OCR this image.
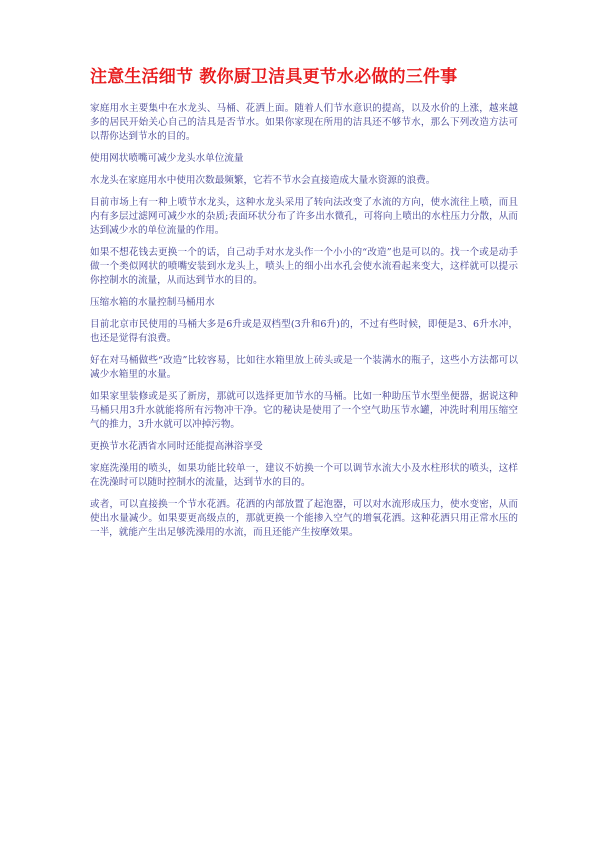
注意生活细节 教你厨卫洁具更节水必做的三件事

家庭用水主要集中在水龙头、马桶、花洒上面。随着人们节水意识的提高，以及水价的上涨，越来越多的居民开始关心自己的洁具是否节水。如果你家现在所用的洁具还不够节水，那么下列改造方法可以帮你达到节水的目的。

使用网状喷嘴可减少龙头水单位流量

水龙头在家庭用水中使用次数最频繁，它若不节水会直接造成大量水资源的浪费。

目前市场上有一种上喷节水龙头，这种水龙头采用了转向法改变了水流的方向，使水流往上喷，而且内有多层过滤网可减少水的杂质;表面环状分布了许多出水微孔，可将向上喷出的水柱压力分散，从而达到减少水的单位流量的作用。

如果不想花钱去更换一个的话，自己动手对水龙头作一个小小的“改造”也是可以的。找一个或是动手做一个类似网状的喷嘴安装到水龙头上，喷头上的细小出水孔会使水流看起来变大，这样就可以提示你控制水的流量，从而达到节水的目的。

压缩水箱的水量控制马桶用水

目前北京市民使用的马桶大多是6升或是双档型(3升和6升)的，不过有些时候，即便是3、6升水冲，也还是觉得有浪费。

好在对马桶做些“改造”比较容易，比如往水箱里放上砖头或是一个装满水的瓶子，这些小方法都可以减少水箱里的水量。

如果家里装修或是买了新房，那就可以选择更加节水的马桶。比如一种助压节水型坐便器，据说这种马桶只用3升水就能将所有污物冲干净。它的秘诀是使用了一个空气助压节水罐，冲洗时利用压缩空气的推力，3升水就可以冲掉污物。

更换节水花洒省水同时还能提高淋浴享受

家庭洗澡用的喷头，如果功能比较单一，建议不妨换一个可以调节水流大小及水柱形状的喷头，这样在洗澡时可以随时控制水的流量，达到节水的目的。

或者，可以直接换一个节水花洒。花洒的内部放置了起泡器，可以对水流形成压力，使水变密，从而使出水量减少。如果要更高级点的，那就更换一个能掺入空气的增氧花洒。这种花洒只用正常水压的一半，就能产生出足够洗澡用的水流，而且还能产生按摩效果。
